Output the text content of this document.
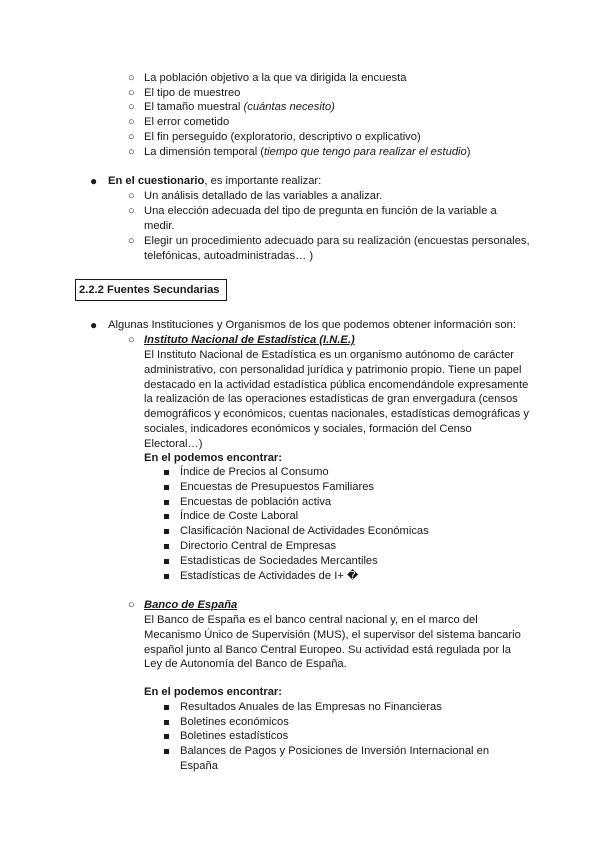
○ La población objetivo a la que va dirigida la encuesta
○ El tipo de muestreo
○ El tamaño muestral (cuántas necesito)
○ El error cometido
○ El fin perseguido (exploratorio, descriptivo o explicativo)
○ La dimensión temporal (tiempo que tengo para realizar el estudio)
● En el cuestionario, es importante realizar:
○ Un análisis detallado de las variables a analizar.
○ Una elección adecuada del tipo de pregunta en función de la variable a
medir.
○ Elegir un procedimiento adecuado para su realización (encuestas personales,
telefónicas, autoadministradas… )
2.2.2 Fuentes Secundarias
● Algunas Instituciones y Organismos de los que podemos obtener información son:
○ Instituto Nacional de Estadística (I.N.E.)
El Instituto Nacional de Estadística es un organismo autónomo de carácter
administrativo, con personalidad jurídica y patrimonio propio. Tiene un papel
destacado en la actividad estadística pública encomendándole expresamente
la realización de las operaciones estadísticas de gran envergadura (censos
demográficos y económicos, cuentas nacionales, estadísticas demográficas y
sociales, indicadores económicos y sociales, formación del Censo
Electoral…)
En el podemos encontrar:
Índice de Precios al Consumo
Encuestas de Presupuestos Familiares
Encuestas de población activa
Índice de Coste Laboral
Clasificación Nacional de Actividades Económicas
Directorio Central de Empresas
Estadísticas de Sociedades Mercantiles
Estadísticas de Actividades de I+ �
○ Banco de España
El Banco de España es el banco central nacional y, en el marco del
Mecanismo Único de Supervisión (MUS), el supervisor del sistema bancario
español junto al Banco Central Europeo. Su actividad está regulada por la
Ley de Autonomía del Banco de España.
En el podemos encontrar:
Resultados Anuales de las Empresas no Financieras
Boletines económicos
Boletines estadísticos
Balances de Pagos y Posiciones de Inversión Internacional en
España
